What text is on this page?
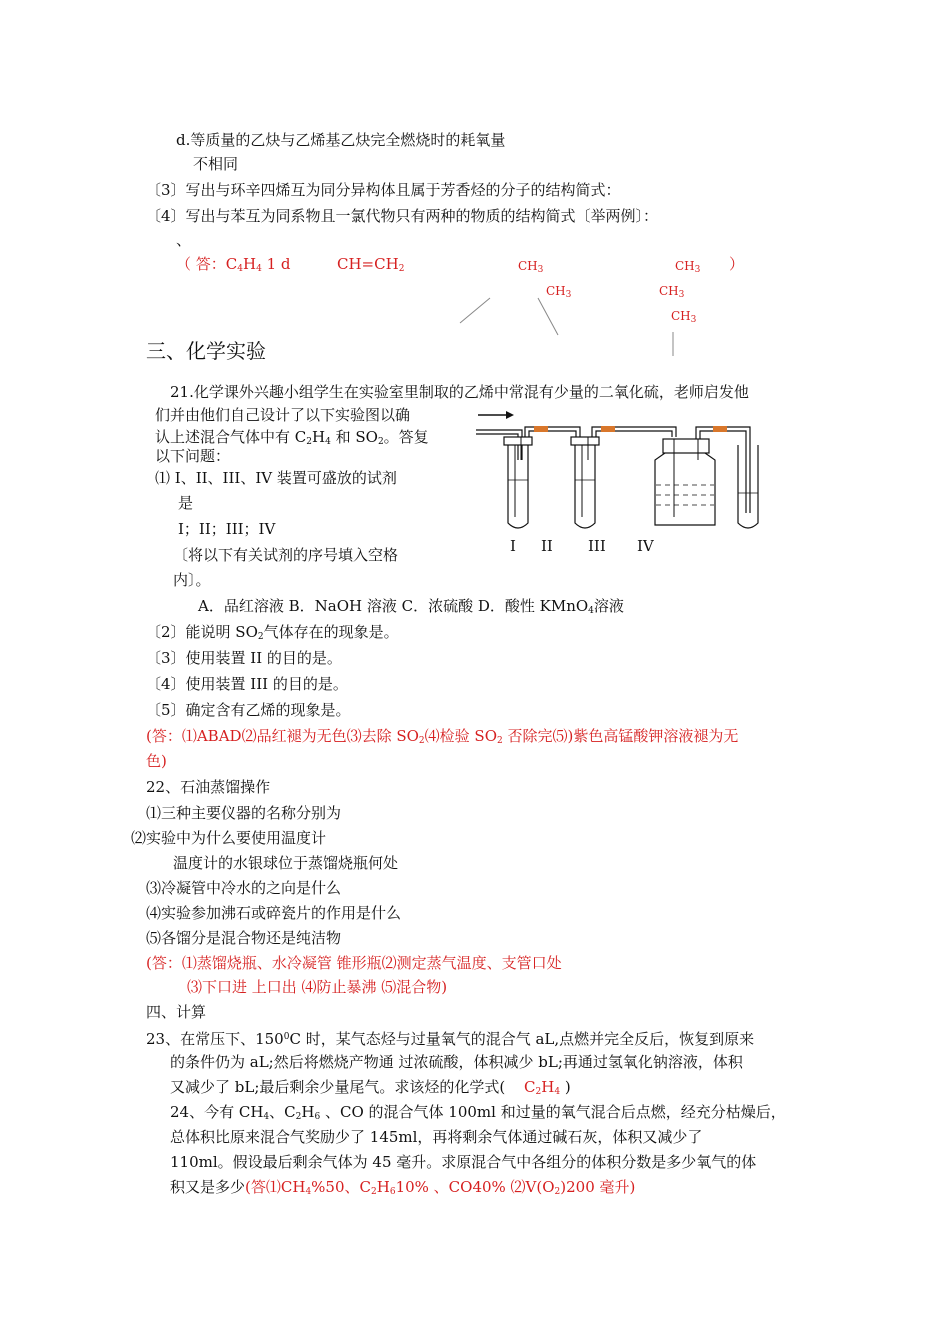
d.等质量的乙炔与乙烯基乙炔完全燃烧时的耗氧量
不相同
〔3〕写出与环辛四烯互为同分异构体且属于芳香烃的分子的结构简式：
〔4〕写出与苯互为同系物且一氯代物只有两种的物质的结构简式〔举两例〕：
、
（ 答：$C_4H_4$ 1 d	$CH=CH_2$	$CH_3$
$CH_3$
$CH_3$ ）
$CH_3$
$CH_3$
三、化学实验
21.化学课外兴趣小组学生在实验室里制取的乙烯中常混有少量的二氧化硫，老师启发他
们并由他们自己设计了以下实验图以确
认上述混合气体中有 $C_2H_4$ 和 $SO_2$。答复
以下问题：
⑴ I、II、III、IV 装置可盛放的试剂
是
I；II；III；IV
〔将以下有关试剂的序号填入空格
内〕。
I II III IV
A．品红溶液 B．NaOH 溶液 C．浓硫酸 D．酸性 KMnO$_4$溶液
〔2〕能说明 $SO_2$气体存在的现象是。
〔3〕使用装置 II 的目的是。
〔4〕使用装置 III 的目的是。
〔5〕确定含有乙烯的现象是。
(答：⑴ABAD⑵品红褪为无色⑶去除 $SO_2⑷$检验 $SO_2$ 否除完⑸)紫色高锰酸钾溶液褪为无
色)
22、石油蒸馏操作
⑴三种主要仪器的名称分别为
⑵实验中为什么要使用温度计
温度计的水银球位于蒸馏烧瓶何处
⑶冷凝管中冷水的之向是什么
⑷实验参加沸石或碎瓷片的作用是什么
⑸各馏分是混合物还是纯洁物
(答：⑴蒸馏烧瓶、水冷凝管 锥形瓶⑵测定蒸气温度、支管口处
⑶下口进 上口出 ⑷防止暴沸 ⑸混合物)
四、计算
23、在常压下、$150^0C$ 时，某气态烃与过量氧气的混合气 aL,点燃并完全反后，恢复到原来
的条件仍为 aL;然后将燃烧产物通 过浓硫酸，体积减少 bL;再通过氢氧化钠溶液，体积
又减少了 bL;最后剩余少量尾气。求该烃的化学式( $C_2H_4$ )
24、今有 $CH_4$、$C_2H_6$ 、CO 的混合气体 100ml 和过量的氧气混合后点燃，经充分枯燥后，
总体积比原来混合气奖励少了 145ml，再将剩余气体通过碱石灰，体积又减少了
110ml。假设最后剩余气体为 45 毫升。求原混合气中各组分的体积分数是多少氧气的体
积又是多少(答$⑴CH_4\%50$、$C_2H_610\%$ 、CO40% $⑵V(O_2)200$ 毫升)
